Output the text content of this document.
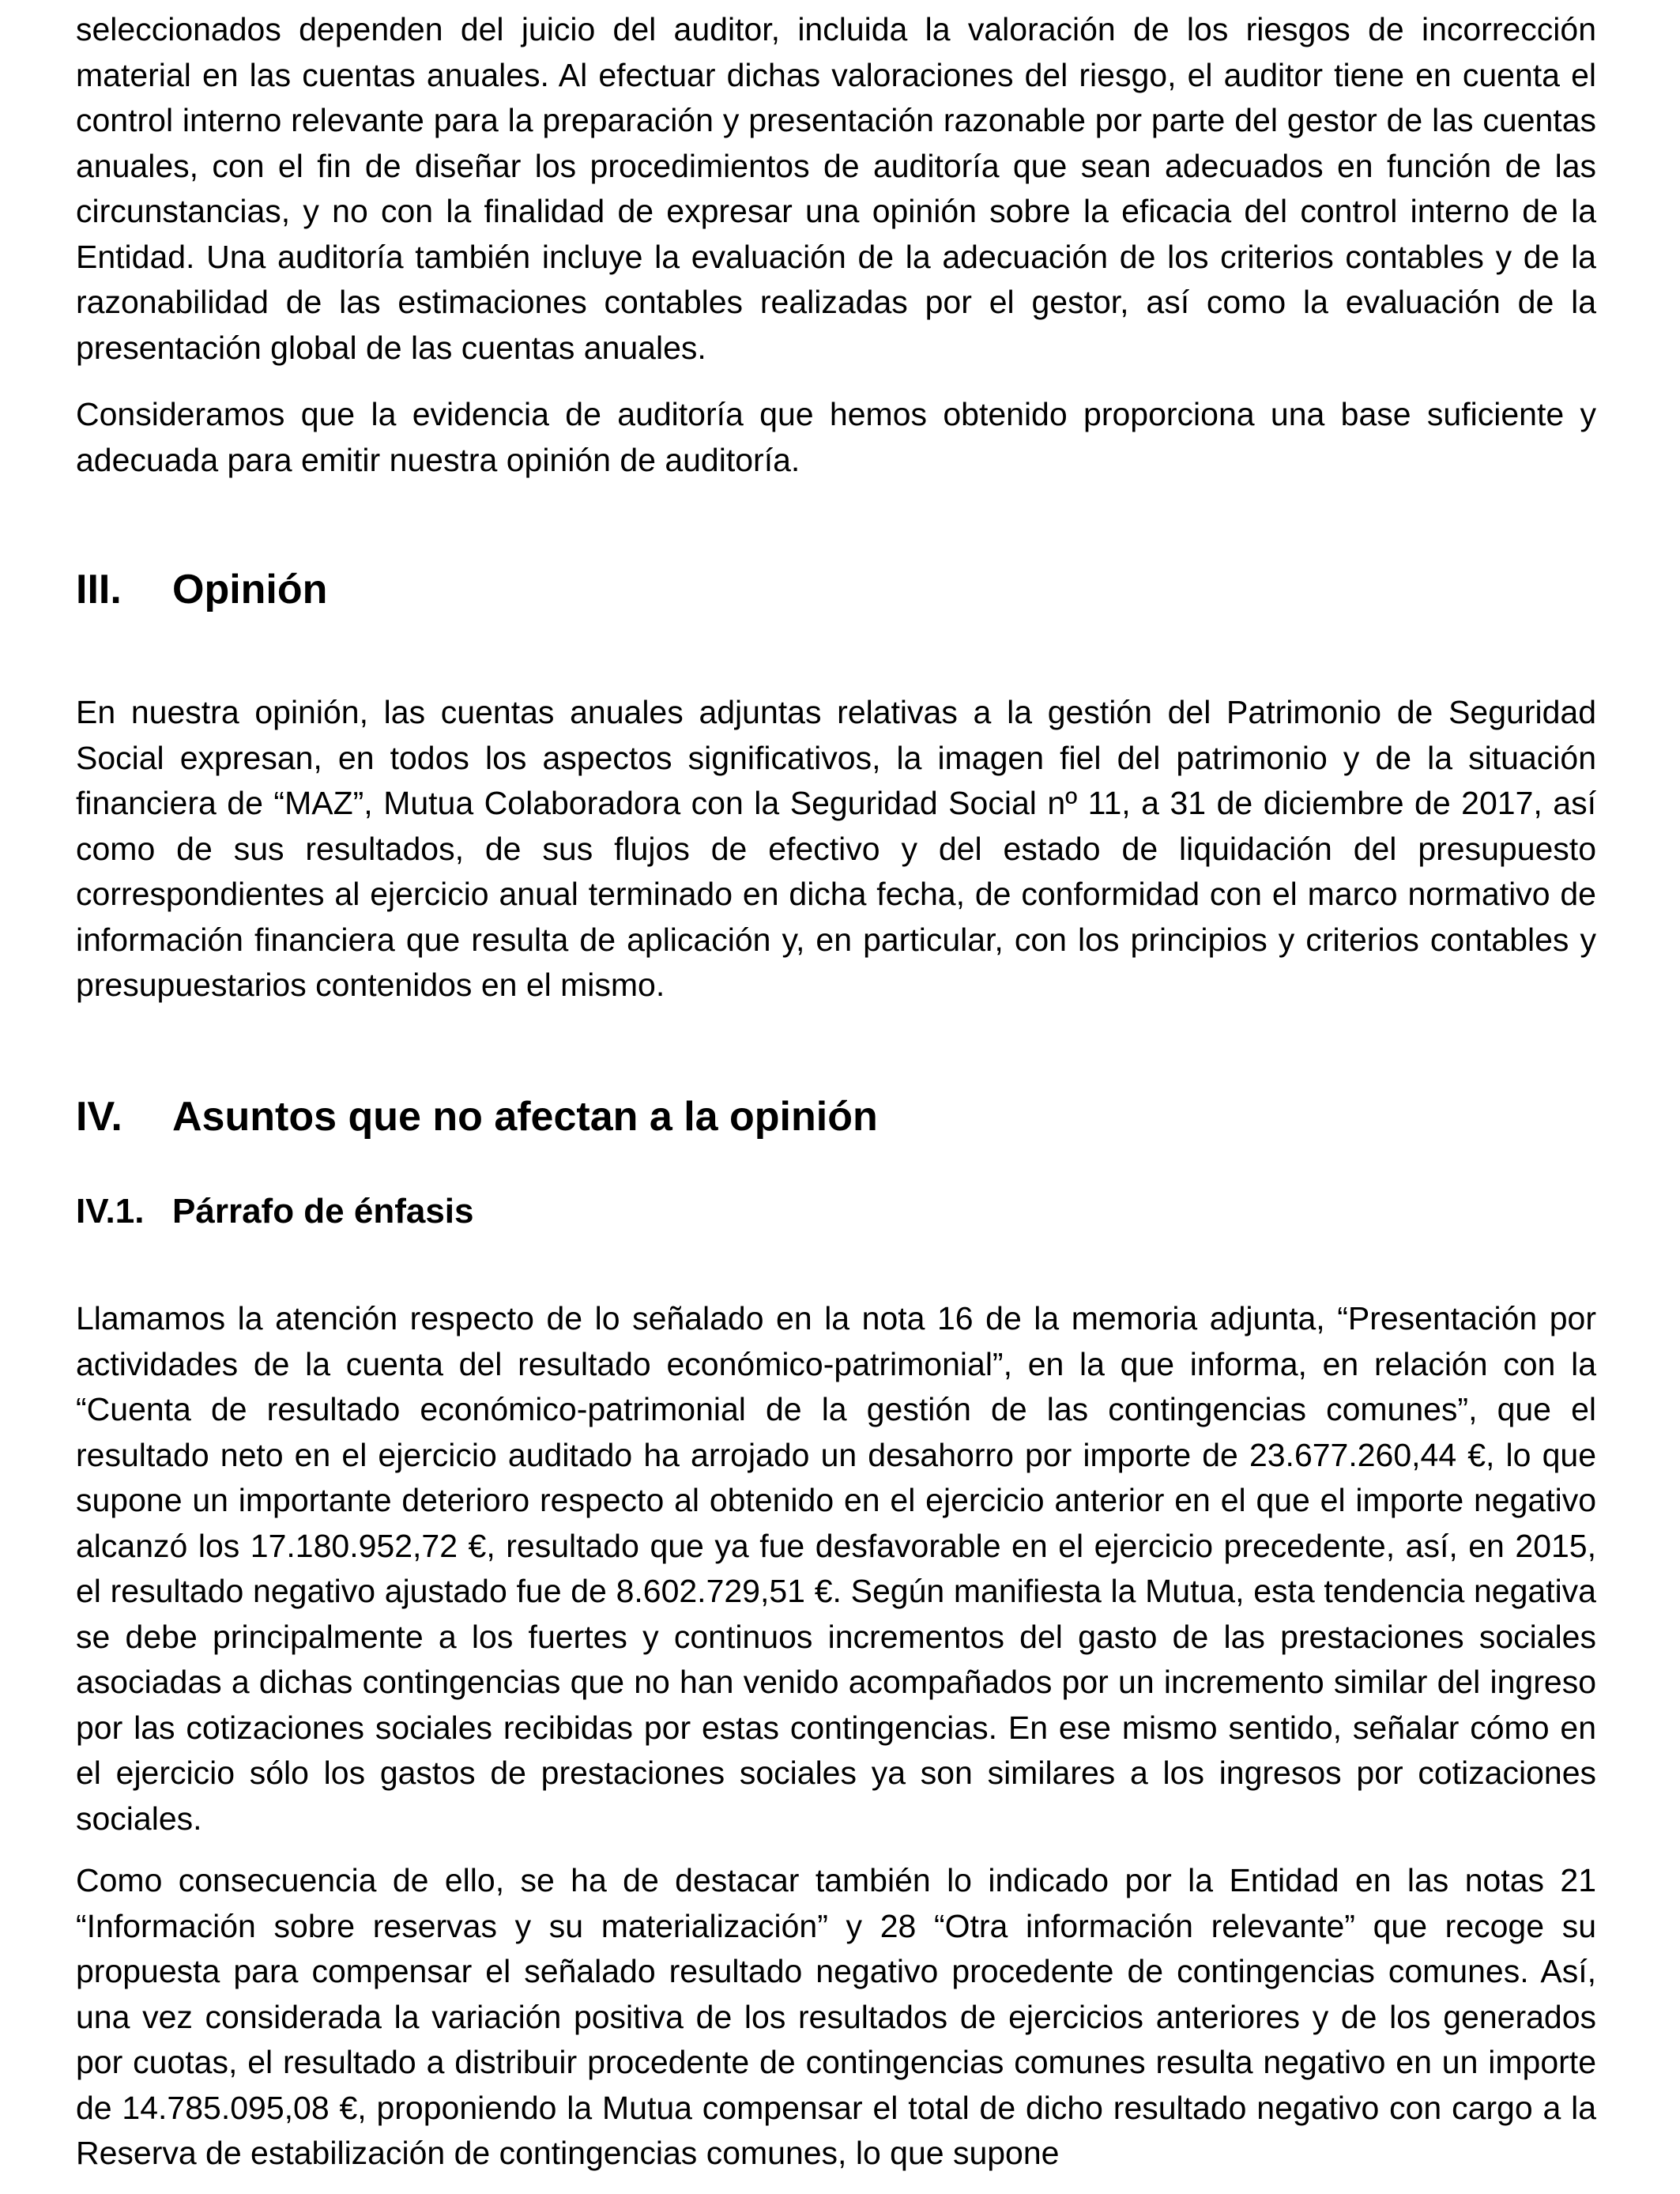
seleccionados dependen del juicio del auditor, incluida la valoración de los riesgos de incorrección material en las cuentas anuales. Al efectuar dichas valoraciones del riesgo, el auditor tiene en cuenta el control interno relevante para la preparación y presentación razonable por parte del gestor de las cuentas anuales, con el fin de diseñar los procedimientos de auditoría que sean adecuados en función de las circunstancias, y no con la finalidad de expresar una opinión sobre la eficacia del control interno de la Entidad. Una auditoría también incluye la evaluación de la adecuación de los criterios contables y de la razonabilidad de las estimaciones contables realizadas por el gestor, así como la evaluación de la presentación global de las cuentas anuales.

Consideramos que la evidencia de auditoría que hemos obtenido proporciona una base suficiente y adecuada para emitir nuestra opinión de auditoría.

III. Opinión

En nuestra opinión, las cuentas anuales adjuntas relativas a la gestión del Patrimonio de Seguridad Social expresan, en todos los aspectos significativos, la imagen fiel del patrimonio y de la situación financiera de “MAZ”, Mutua Colaboradora con la Seguridad Social nº 11, a 31 de diciembre de 2017, así como de sus resultados, de sus flujos de efectivo y del estado de liquidación del presupuesto correspondientes al ejercicio anual terminado en dicha fecha, de conformidad con el marco normativo de información financiera que resulta de aplicación y, en particular, con los principios y criterios contables y presupuestarios contenidos en el mismo.

IV. Asuntos que no afectan a la opinión
IV.1. Párrafo de énfasis

Llamamos la atención respecto de lo señalado en la nota 16 de la memoria adjunta, “Presentación por actividades de la cuenta del resultado económico-patrimonial”, en la que informa, en relación con la “Cuenta de resultado económico-patrimonial de la gestión de las contingencias comunes”, que el resultado neto en el ejercicio auditado ha arrojado un desahorro por importe de 23.677.260,44 €, lo que supone un importante deterioro respecto al obtenido en el ejercicio anterior en el que el importe negativo alcanzó los 17.180.952,72 €, resultado que ya fue desfavorable en el ejercicio precedente, así, en 2015, el resultado negativo ajustado fue de 8.602.729,51 €. Según manifiesta la Mutua, esta tendencia negativa se debe principalmente a los fuertes y continuos incrementos del gasto de las prestaciones sociales asociadas a dichas contingencias que no han venido acompañados por un incremento similar del ingreso por las cotizaciones sociales recibidas por estas contingencias. En ese mismo sentido, señalar cómo en el ejercicio sólo los gastos de prestaciones sociales ya son similares a los ingresos por cotizaciones sociales.

Como consecuencia de ello, se ha de destacar también lo indicado por la Entidad en las notas 21 “Información sobre reservas y su materialización” y 28 “Otra información relevante” que recoge su propuesta para compensar el señalado resultado negativo procedente de contingencias comunes. Así, una vez considerada la variación positiva de los resultados de ejercicios anteriores y de los generados por cuotas, el resultado a distribuir procedente de contingencias comunes resulta negativo en un importe de 14.785.095,08 €, proponiendo la Mutua compensar el total de dicho resultado negativo con cargo a la Reserva de estabilización de contingencias comunes, lo que supone
